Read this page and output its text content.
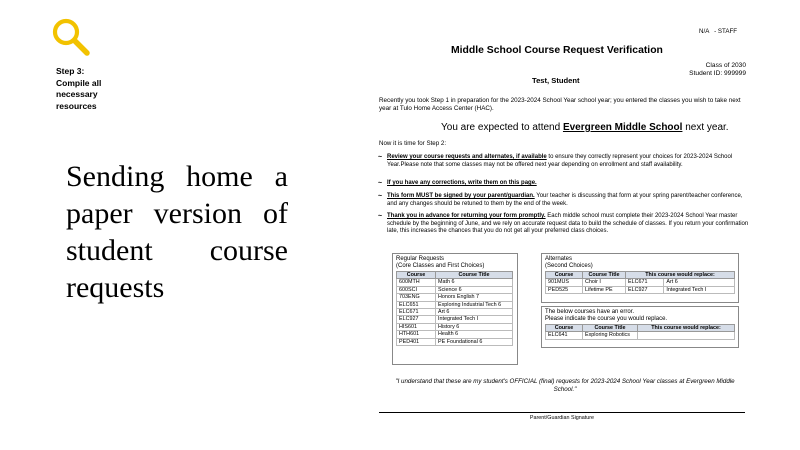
Step 3:
Compile all
necessary
resources
Sending home a paper version of student course requests
N/A   - STAFF
Middle School Course Request Verification
Class of 2030
Student ID: 999999
Test, Student
Recently you took Step 1 in preparation for the 2023-2024 School Year school year; you entered the classes you wish to take next year at Tulo Home Access Center (HAC).
You are expected to attend Evergreen Middle School next year.
Now it is time for Step 2:
~ Review your course requests and alternates, if available to ensure they correctly represent your choices for 2023-2024 School Year.Please note that some classes may not be offered next year depending on enrollment and staff availability.
~ If you have any corrections, write them on this page.
~ This form MUST be signed by your parent/guardian. Your teacher is discussing that form at your spring parent/teacher conference, and any changes should be retuned to them by the end of the week.
~ Thank you in advance for returning your form promptly. Each middle school must complete their 2023-2024 School Year master schedule by the beginning of June, and we rely on accurate request data to build the schedule of classes. If you return your confirmation late, this increases the chances that you do not get all your preferred class choices.
Regular Requests
(Core Classes and First Choices)
Course	Course Title
600MTH	Math 6
600SCI	Science 6
703ENG	Honors English 7
ELC651	Exploring Industrial Tech 6
ELC671	Art 6
ELC927	Integrated Tech I
HIS601	History 6
HTH601	Health 6
PED401	PE Foundational 6
Alternates
(Second Choices)
Course	Course Title	This course would replace:	
901MUS	Choir I	ELC671	Art 6
PED525	Lifetime PE	ELC927	Integrated Tech I
The below courses have an error.
Please indicate the course you would replace.
Course	Course Title	This course would replace:
ELC641	Exploring Robotics	
"I understand that these are my student's OFFICIAL (final) requests for 2023-2024 School Year classes at Evergreen Middle School."
Parent/Guardian Signature
